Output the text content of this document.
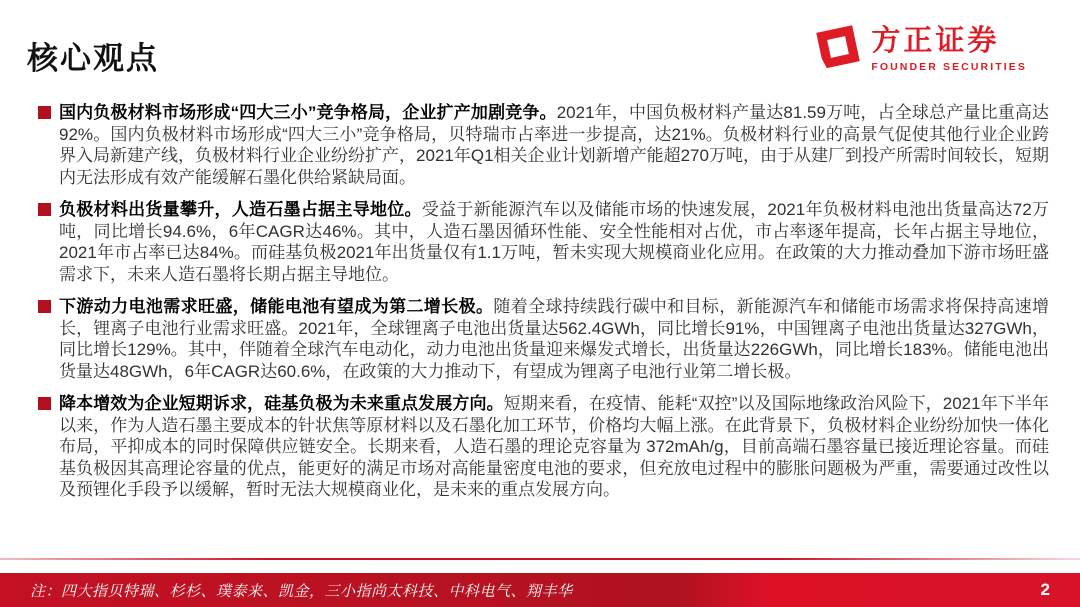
核心观点	方正证券
FOUNDER SECURITIES

国内负极材料市场形成“四大三小”竞争格局，企业扩产加剧竞争。2021年，中国负极材料产量达81.59万吨，占全球总产量比重高达92%。国内负极材料市场形成“四大三小”竞争格局，贝特瑞市占率进一步提高，达21%。负极材料行业的高景气促使其他行业企业跨界入局新建产线，负极材料行业企业纷纷扩产，2021年Q1相关企业计划新增产能超270万吨，由于从建厂到投产所需时间较长，短期内无法形成有效产能缓解石墨化供给紧缺局面。

负极材料出货量攀升，人造石墨占据主导地位。受益于新能源汽车以及储能市场的快速发展，2021年负极材料电池出货量高达72万吨，同比增长94.6%，6年CAGR达46%。其中，人造石墨因循环性能、安全性能相对占优，市占率逐年提高，长年占据主导地位，2021年市占率已达84%。而硅基负极2021年出货量仅有1.1万吨，暂未实现大规模商业化应用。在政策的大力推动叠加下游市场旺盛需求下，未来人造石墨将长期占据主导地位。

下游动力电池需求旺盛，储能电池有望成为第二增长极。随着全球持续践行碳中和目标，新能源汽车和储能市场需求将保持高速增长，锂离子电池行业需求旺盛。2021年，全球锂离子电池出货量达562.4GWh，同比增长91%，中国锂离子电池出货量达327GWh，同比增长129%。其中，伴随着全球汽车电动化，动力电池出货量迎来爆发式增长，出货量达226GWh，同比增长183%。储能电池出货量达48GWh，6年CAGR达60.6%，在政策的大力推动下，有望成为锂离子电池行业第二增长极。

降本增效为企业短期诉求，硅基负极为未来重点发展方向。短期来看，在疫情、能耗“双控”以及国际地缘政治风险下，2021年下半年以来，作为人造石墨主要成本的针状焦等原材料以及石墨化加工环节，价格均大幅上涨。在此背景下，负极材料企业纷纷加快一体化布局，平抑成本的同时保障供应链安全。长期来看，人造石墨的理论克容量为 372mAh/g，目前高端石墨容量已接近理论容量。而硅基负极因其高理论容量的优点，能更好的满足市场对高能量密度电池的要求，但充放电过程中的膨胀问题极为严重，需要通过改性以及预锂化手段予以缓解，暂时无法大规模商业化，是未来的重点发展方向。

注：四大指贝特瑞、杉杉、璞泰来、凯金，三小指尚太科技、中科电气、翔丰华	2
